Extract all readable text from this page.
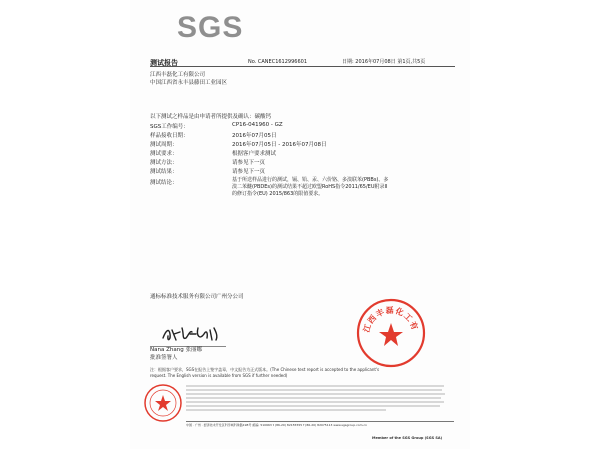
SGS
测试报告	No. CANEC1612996601	日期: 2016年07月08日 第1页,共5页
江西丰磊化工有限公司
中国江西省永丰县藤田工业园区
以下测试之样品是由申请者所提供及确认：碳酸钙
SGS工作编号：	CP16-041960 - GZ
样品接收日期：	2016年07月05日
测试周期：	2016年07月05日 - 2016年07月08日
测试要求：	根据客户要求测试
测试方法：	请参见下一页
测试结果：	请参见下一页
测试结论：	基于所送样品进行的测试，镉、铅、汞、六价铬、多溴联苯(PBBs)、多溴二苯醚(PBDEs)的测试结果不超过欧盟RoHS指令2011/65/EU附录II的修订指令(EU) 2015/863的限值要求。
通标标准技术服务有限公司广州分公司
Nana Zhang 张丽娜
批准签署人
江西丰磊化工有
注：根据客户要求，SGS在报告上签字盖章，中文报告为正式版本。(The Chinese test report is accepted to the applicant's
request. The English version is available from SGS if further needed)
中国 · 广州 · 经济技术开发区科学城科珠路198号 邮编: 510663 t (86-20) 82155555 f (86-20) 82075113 www.sgsgroup.com.cn
Member of the SGS Group (SGS SA)
